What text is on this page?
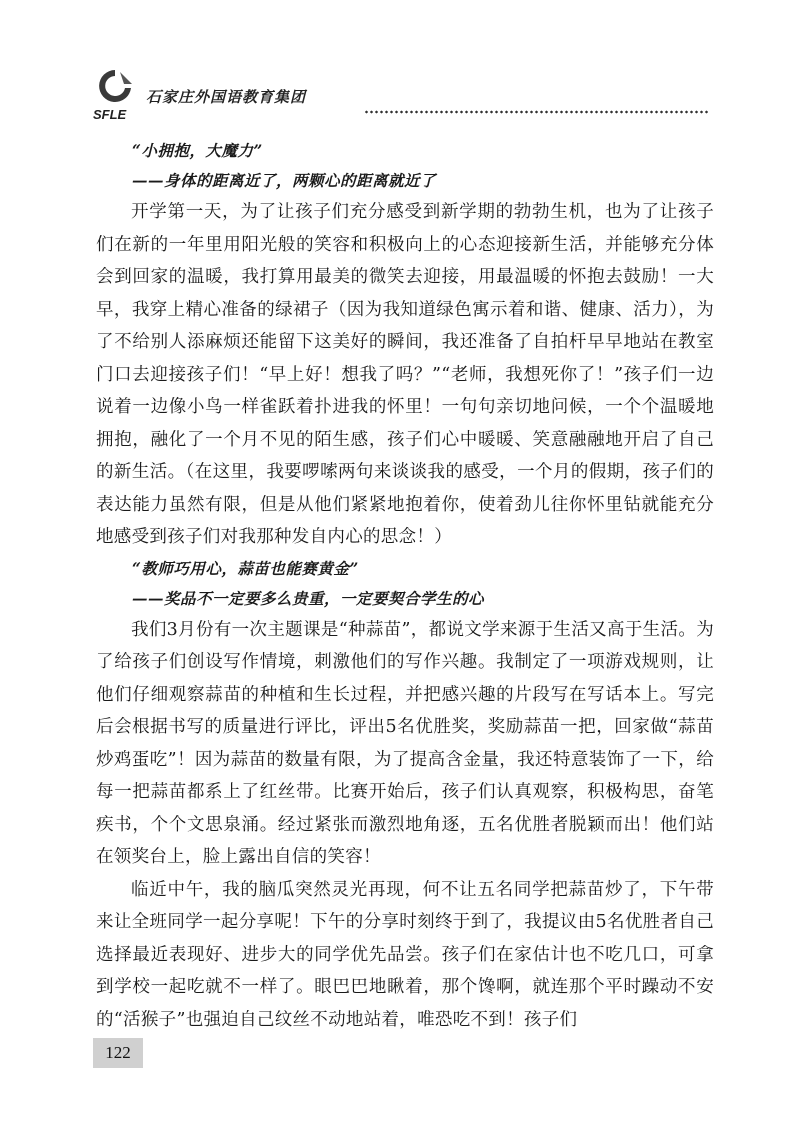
SFLE
石家庄外国语教育集团

“小拥抱，大魔力”

——身体的距离近了，两颗心的距离就近了

开学第一天，为了让孩子们充分感受到新学期的勃勃生机，也为了让孩子们在新的一年里用阳光般的笑容和积极向上的心态迎接新生活，并能够充分体会到回家的温暖，我打算用最美的微笑去迎接，用最温暖的怀抱去鼓励！一大早，我穿上精心准备的绿裙子（因为我知道绿色寓示着和谐、健康、活力），为了不给别人添麻烦还能留下这美好的瞬间，我还准备了自拍杆早早地站在教室门口去迎接孩子们！“早上好！想我了吗？”“老师，我想死你了！”孩子们一边说着一边像小鸟一样雀跃着扑进我的怀里！一句句亲切地问候，一个个温暖地拥抱，融化了一个月不见的陌生感，孩子们心中暖暖、笑意融融地开启了自己的新生活。（在这里，我要啰嗦两句来谈谈我的感受，一个月的假期，孩子们的表达能力虽然有限，但是从他们紧紧地抱着你，使着劲儿往你怀里钻就能充分地感受到孩子们对我那种发自内心的思念！）

“教师巧用心，蒜苗也能赛黄金”

——奖品不一定要多么贵重，一定要契合学生的心

我们3月份有一次主题课是“种蒜苗”，都说文学来源于生活又高于生活。为了给孩子们创设写作情境，刺激他们的写作兴趣。我制定了一项游戏规则，让他们仔细观察蒜苗的种植和生长过程，并把感兴趣的片段写在写话本上。写完后会根据书写的质量进行评比，评出5名优胜奖，奖励蒜苗一把，回家做“蒜苗炒鸡蛋吃”！因为蒜苗的数量有限，为了提高含金量，我还特意装饰了一下，给每一把蒜苗都系上了红丝带。比赛开始后，孩子们认真观察，积极构思，奋笔疾书，个个文思泉涌。经过紧张而激烈地角逐，五名优胜者脱颖而出！他们站在领奖台上，脸上露出自信的笑容！

临近中午，我的脑瓜突然灵光再现，何不让五名同学把蒜苗炒了，下午带来让全班同学一起分享呢！下午的分享时刻终于到了，我提议由5名优胜者自己选择最近表现好、进步大的同学优先品尝。孩子们在家估计也不吃几口，可拿到学校一起吃就不一样了。眼巴巴地瞅着，那个馋啊，就连那个平时躁动不安的“活猴子”也强迫自己纹丝不动地站着，唯恐吃不到！孩子们

122
